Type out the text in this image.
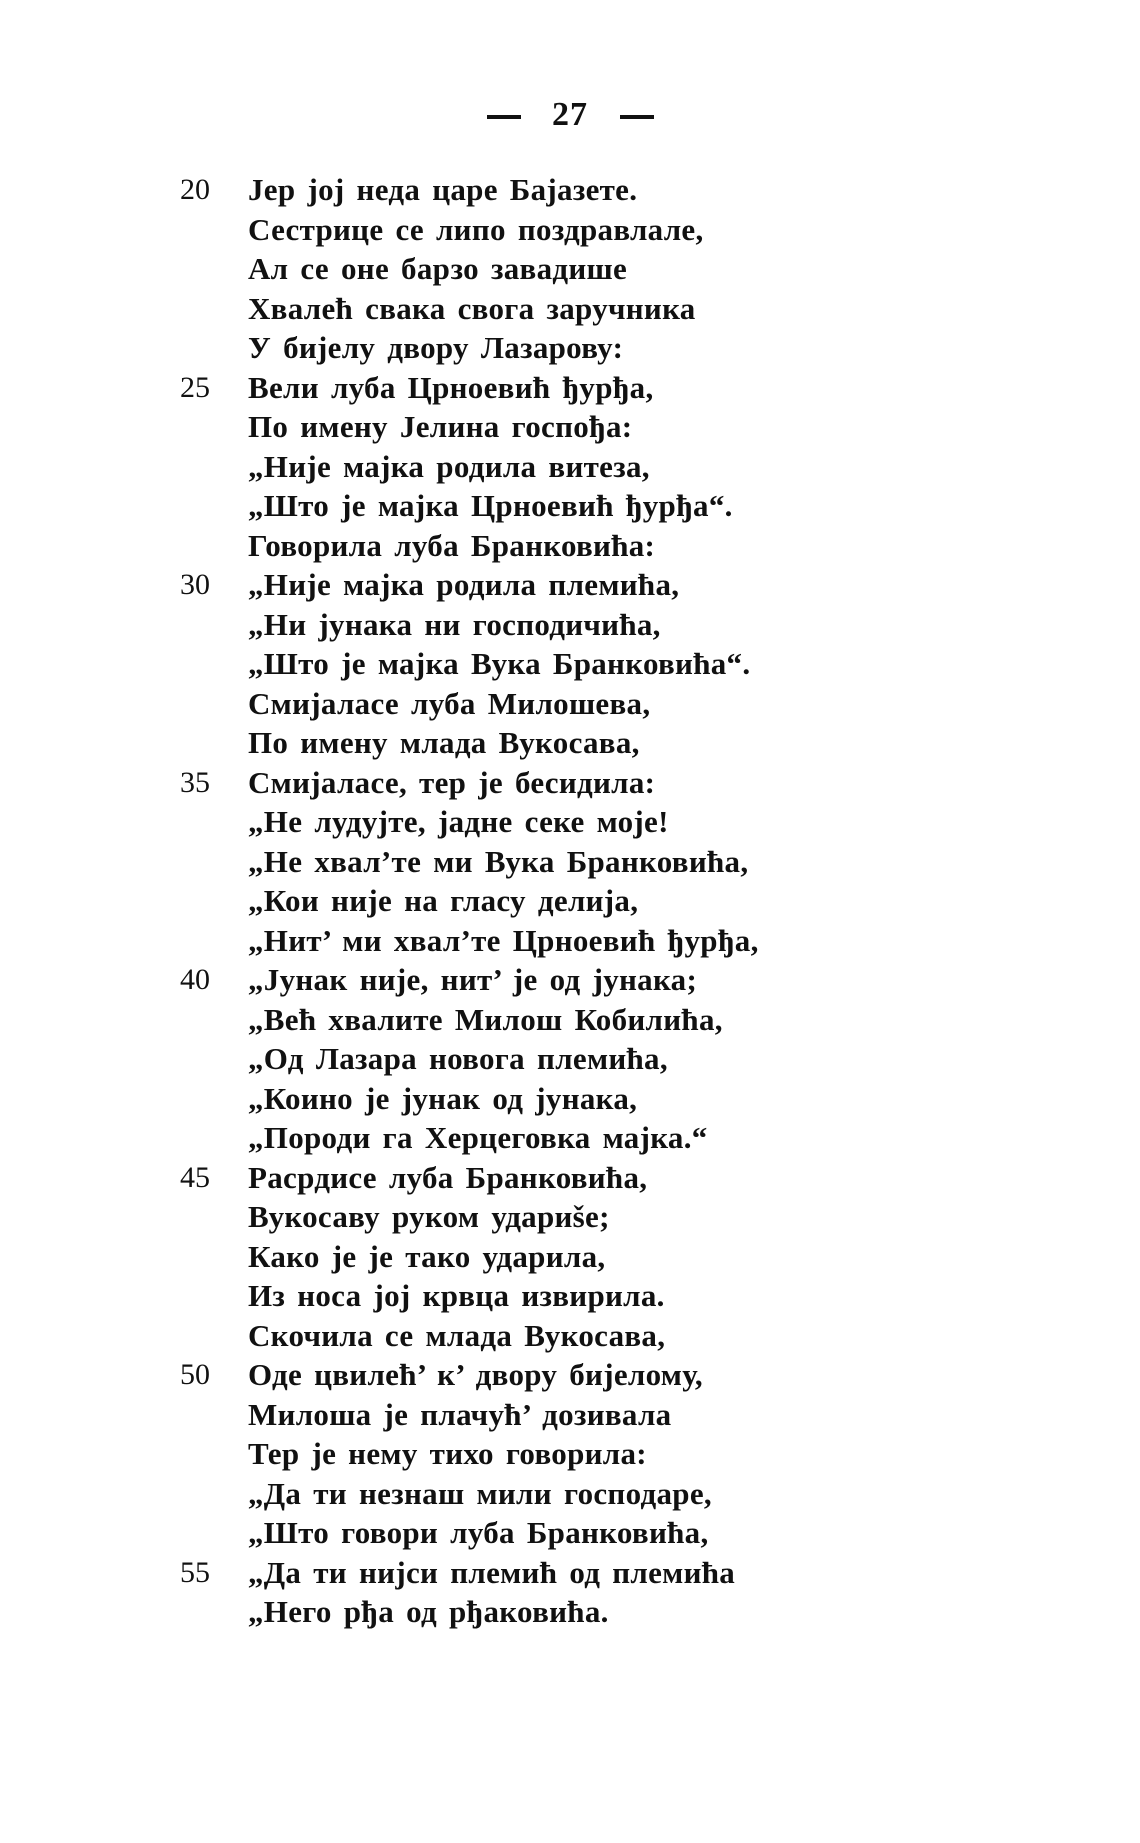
27
20	Јер јој неда царе Бајазете.
Сестрице се липо поздравлале,
Ал се оне барзо завадише
Хвалећ свака свога заручника
У бијелу двору Лазарову:
25	Вели луба Црноевић ђурђа,
По имену Јелина госпођа:
„Није мајка родила витеза,
„Што је мајка Црноевић ђурђа“.
Говорила луба Бранковића:
30	„Није мајка родила племића,
„Ни јунака ни господичића,
„Што је мајка Вука Бранковића“.
Смијаласе луба Милошева,
По имену млада Вукосава,
35	Смијаласе, тер је бесидила:
„Не лудујте, јадне секе моје!
„Не хвал’те ми Вука Бранковића,
„Кои није на гласу делија,
„Нит’ ми хвал’те Црноевић ђурђа,
40	„Јунак није, нит’ је од јунака;
„Већ хвалите Милош Кобилића,
„Од Лазара новога племића,
„Коино је јунак од јунака,
„Породи га Херцеговка мајка.“
45	Расрдисе луба Бранковића,
Вукосаву руком удариše;
Како је је тако ударила,
Из носа јој крвца извирила.
Скочила се млада Вукосава,
50	Оде цвилећ’ к’ двору бијелому,
Милоша је плачућ’ дозивала
Тер је нему тихо говорила:
„Да ти незнаш мили господаре,
„Што говори луба Бранковића,
55	„Да ти нијси племић од племића
„Него рђа од рђаковића.
